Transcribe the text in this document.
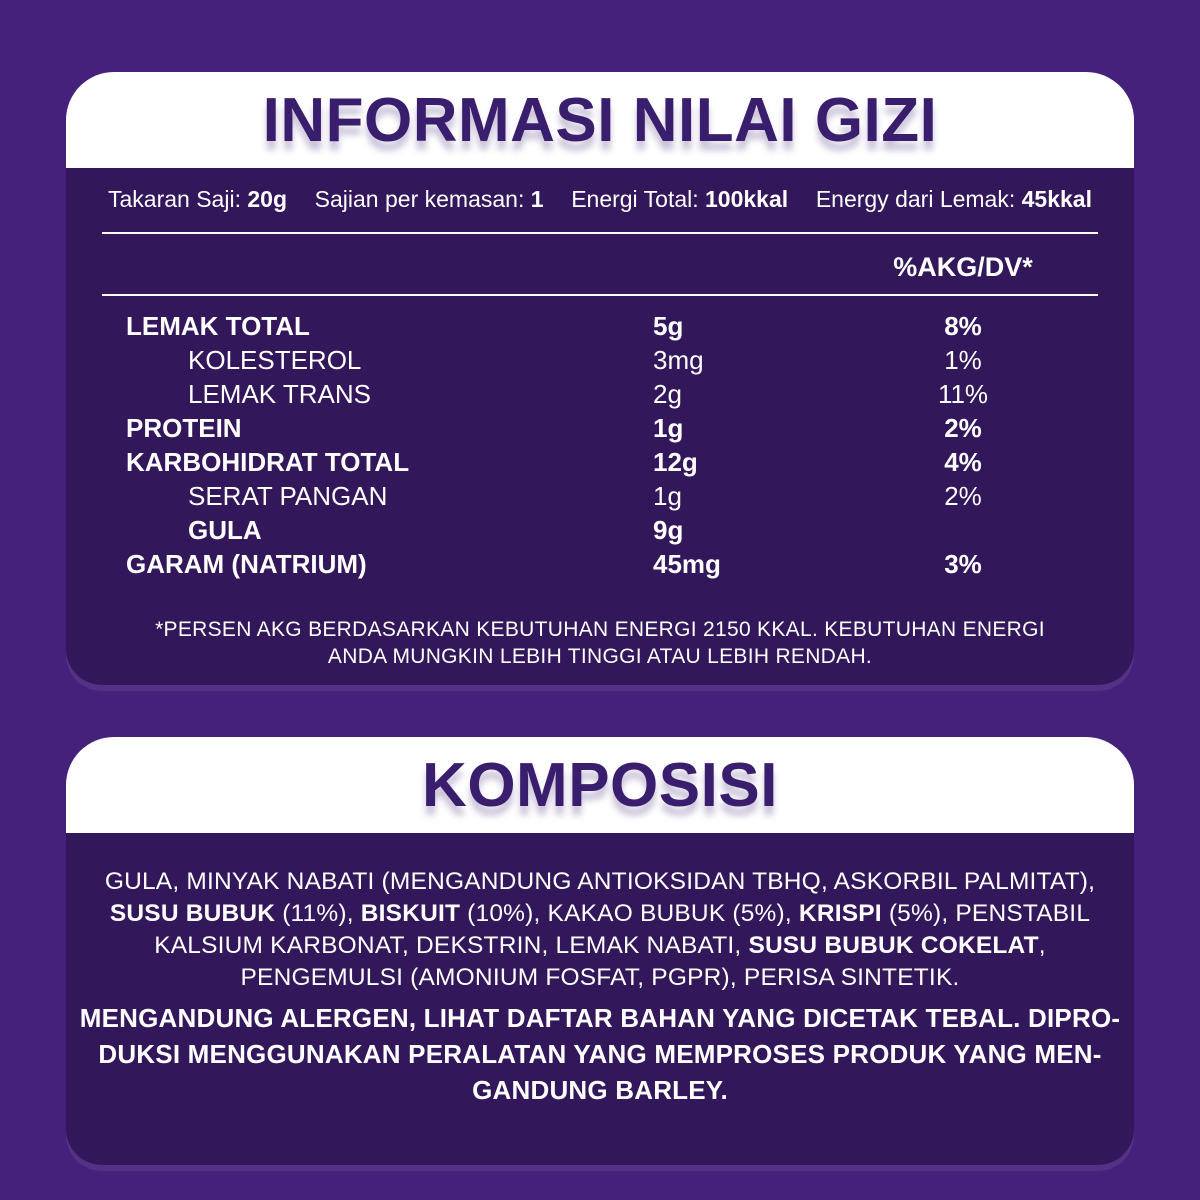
INFORMASI NILAI GIZI
Takaran Saji: 20g Sajian per kemasan: 1 Energi Total: 100kkal Energy dari Lemak: 45kkal
%AKG/DV*
LEMAK TOTAL	5g	8%
KOLESTEROL	3mg	1%
LEMAK TRANS	2g	11%
PROTEIN	1g	2%
KARBOHIDRAT TOTAL	12g	4%
SERAT PANGAN	1g	2%
GULA	9g
GARAM (NATRIUM)	45mg	3%
*PERSEN AKG BERDASARKAN KEBUTUHAN ENERGI 2150 KKAL. KEBUTUHAN ENERGI
ANDA MUNGKIN LEBIH TINGGI ATAU LEBIH RENDAH.
KOMPOSISI
GULA, MINYAK NABATI (MENGANDUNG ANTIOKSIDAN TBHQ, ASKORBIL PALMITAT), SUSU BUBUK (11%), BISKUIT (10%), KAKAO BUBUK (5%), KRISPI (5%), PENSTABIL KALSIUM KARBONAT, DEKSTRIN, LEMAK NABATI, SUSU BUBUK COKELAT, PENGEMULSI (AMONIUM FOSFAT, PGPR), PERISA SINTETIK.
MENGANDUNG ALERGEN, LIHAT DAFTAR BAHAN YANG DICETAK TEBAL. DIPRO-
DUKSI MENGGUNAKAN PERALATAN YANG MEMPROSES PRODUK YANG MEN-
GANDUNG BARLEY.
